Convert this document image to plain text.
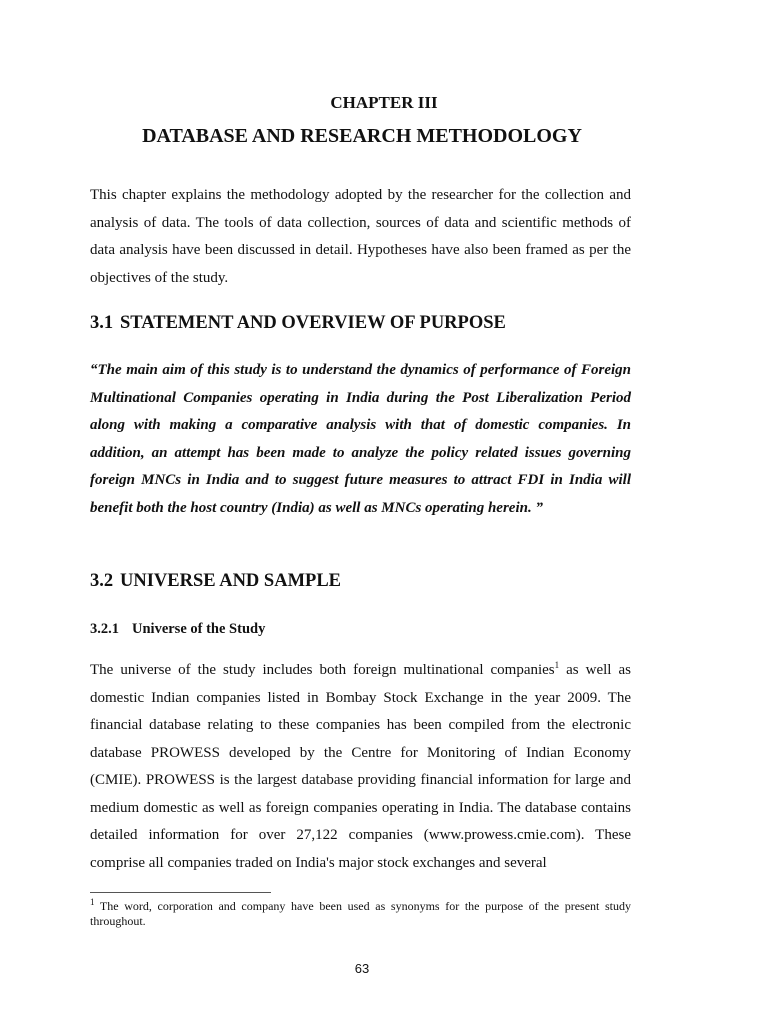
CHAPTER III
DATABASE AND RESEARCH METHODOLOGY

This chapter explains the methodology adopted by the researcher for the collection and analysis of data. The tools of data collection, sources of data and scientific methods of data analysis have been discussed in detail. Hypotheses have also been framed as per the objectives of the study.

3.1 STATEMENT AND OVERVIEW OF PURPOSE

“The main aim of this study is to understand the dynamics of performance of Foreign Multinational Companies operating in India during the Post Liberalization Period along with making a comparative analysis with that of domestic companies. In addition, an attempt has been made to analyze the policy related issues governing foreign MNCs in India and to suggest future measures to attract FDI in India will benefit both the host country (India) as well as MNCs operating herein. ”

3.2 UNIVERSE AND SAMPLE
3.2.1 Universe of the Study

The universe of the study includes both foreign multinational companies$^1$ as well as domestic Indian companies listed in Bombay Stock Exchange in the year 2009. The financial database relating to these companies has been compiled from the electronic database PROWESS developed by the Centre for Monitoring of Indian Economy (CMIE). PROWESS is the largest database providing financial information for large and medium domestic as well as foreign companies operating in India. The database contains detailed information for over 27,122 companies (www.prowess.cmie.com). These comprise all companies traded on India's major stock exchanges and several

$^1$ The word, corporation and company have been used as synonyms for the purpose of the present study throughout.

63
